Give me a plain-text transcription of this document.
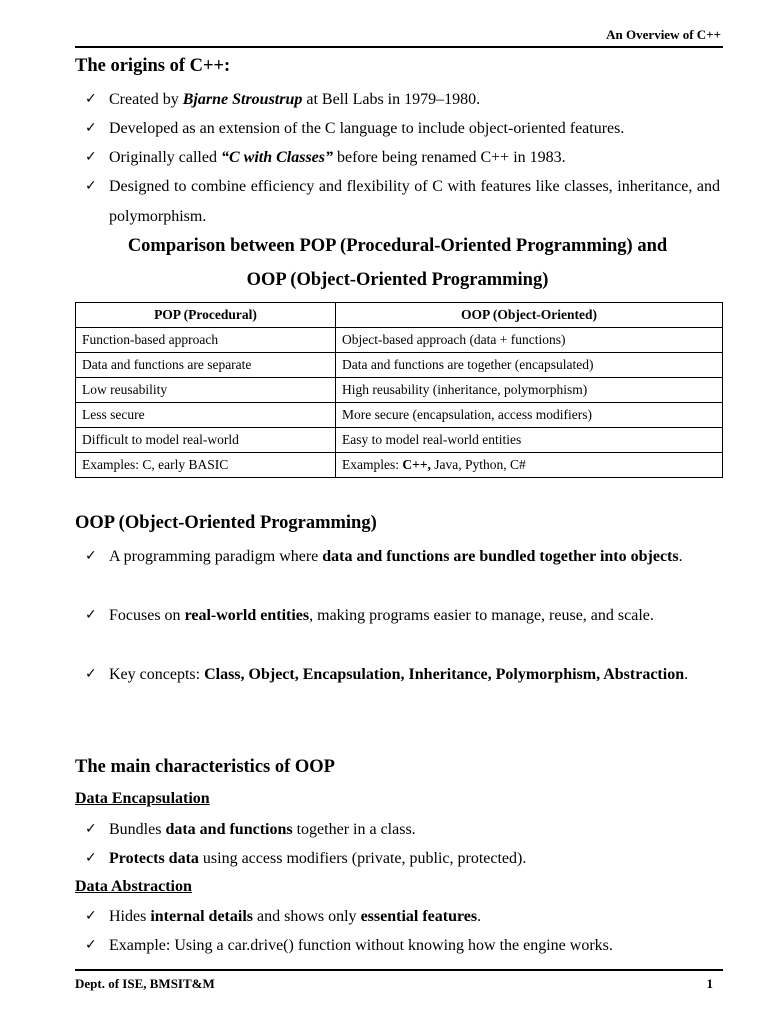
An Overview of C++
The origins of C++:
✓ Created by Bjarne Stroustrup at Bell Labs in 1979–1980.
✓ Developed as an extension of the C language to include object-oriented features.
✓ Originally called “C with Classes” before being renamed C++ in 1983.
✓ Designed to combine efficiency and flexibility of C with features like classes, inheritance, and polymorphism.
Comparison between POP (Procedural-Oriented Programming) and
OOP (Object-Oriented Programming)
POP (Procedural)	OOP (Object-Oriented)
Function-based approach	Object-based approach (data + functions)
Data and functions are separate	Data and functions are together (encapsulated)
Low reusability	High reusability (inheritance, polymorphism)
Less secure	More secure (encapsulation, access modifiers)
Difficult to model real-world	Easy to model real-world entities
Examples: C, early BASIC	Examples: C++, Java, Python, C#
OOP (Object-Oriented Programming)
✓ A programming paradigm where data and functions are bundled together into objects.
✓ Focuses on real-world entities, making programs easier to manage, reuse, and scale.
✓ Key concepts: Class, Object, Encapsulation, Inheritance, Polymorphism, Abstraction.
The main characteristics of OOP
Data Encapsulation
✓ Bundles data and functions together in a class.
✓ Protects data using access modifiers (private, public, protected).
Data Abstraction
✓ Hides internal details and shows only essential features.
✓ Example: Using a car.drive() function without knowing how the engine works.
Dept. of ISE, BMSIT&M	1
